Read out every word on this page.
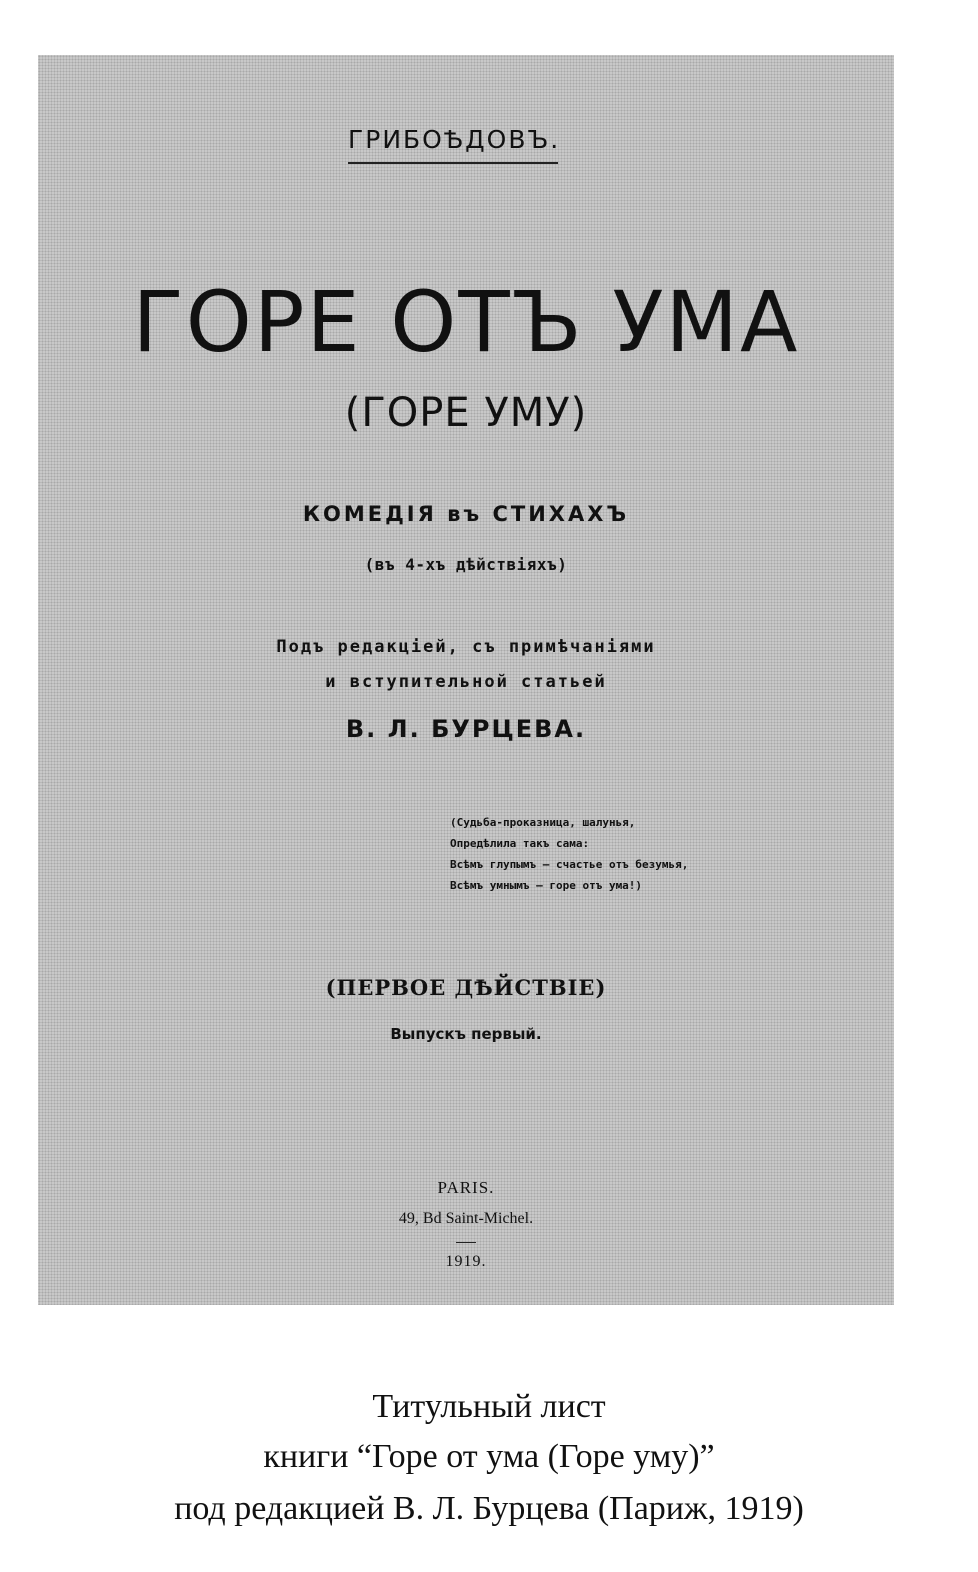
ГРИБОѢДОВЪ.
ГОРЕ ОТЪ УМА
(ГОРЕ УМУ)
КОМЕДІЯ въ СТИХАХЪ
(въ 4-хъ дѣйствіяхъ)
Подъ редакціей, съ примѣчаніями
и вступительной статьей
В. Л. БУРЦЕВА.
(Судьба-проказница, шалунья,
Опредѣлила такъ сама:
Всѣмъ глупымъ — счастье отъ безумья,
Всѣмъ умнымъ — горе отъ ума!)
(ПЕРВОЕ ДѢЙСТВІЕ)
Выпускъ первый.
PARIS.
49, Bd Saint-Michel.
1919.
Титульный лист
книги “Горе от ума (Горе уму)”
под редакцией В. Л. Бурцева (Париж, 1919)
